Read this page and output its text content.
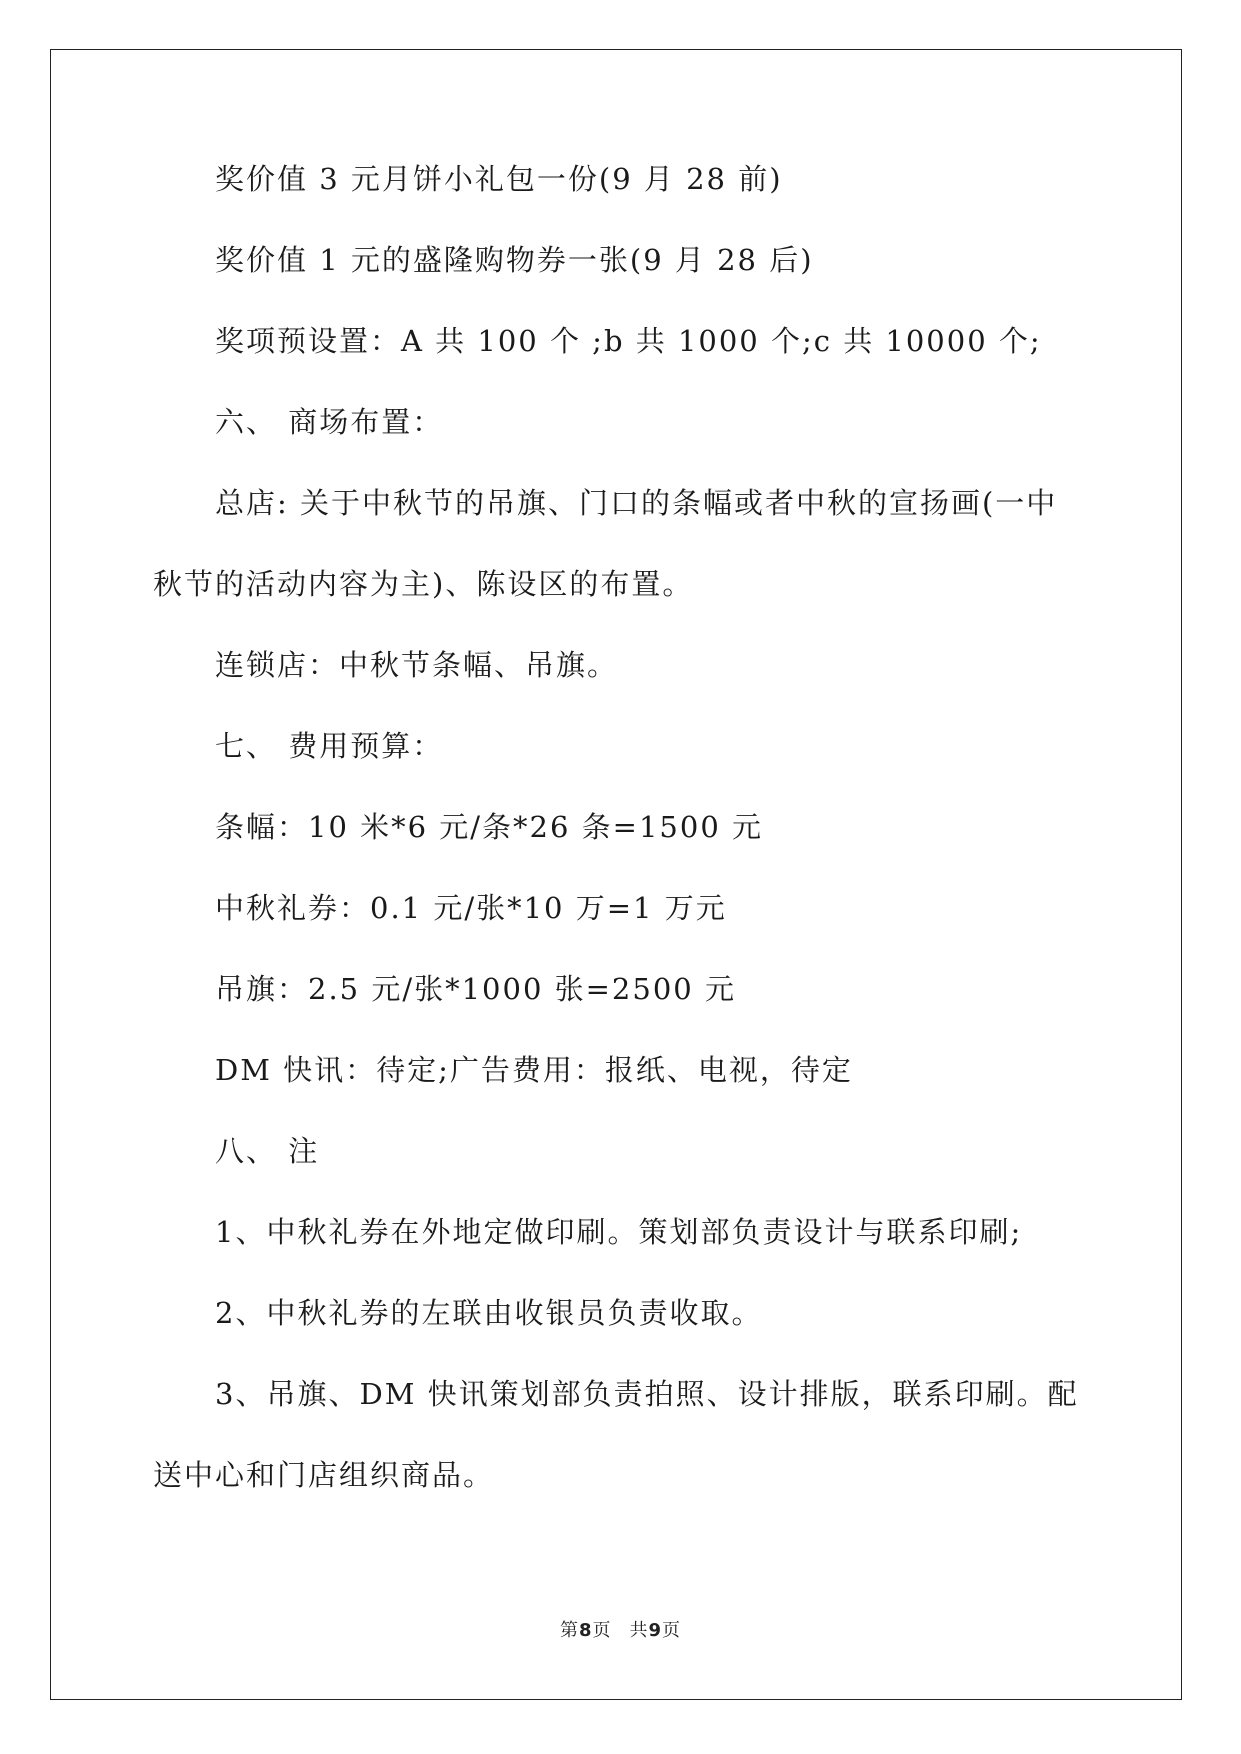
奖价值 3 元月饼小礼包一份(9 月 28 前)

奖价值 1 元的盛隆购物券一张(9 月 28 后)

奖项预设置：A 共 100 个 ;b 共 1000 个;c 共 10000 个;

六、 商场布置：

总店: 关于中秋节的吊旗、门口的条幅或者中秋的宣扬画(一中秋节的活动内容为主)、陈设区的布置。

连锁店：中秋节条幅、吊旗。

七、 费用预算：

条幅：10 米*6 元/条*26 条=1500 元

中秋礼券：0.1 元/张*10 万=1 万元

吊旗：2.5 元/张*1000 张=2500 元

DM 快讯：待定;广告费用：报纸、电视，待定

八、 注

1、中秋礼券在外地定做印刷。策划部负责设计与联系印刷;

2、中秋礼券的左联由收银员负责收取。

3、吊旗、DM 快讯策划部负责拍照、设计排版，联系印刷。配送中心和门店组织商品。

第8页 共9页
